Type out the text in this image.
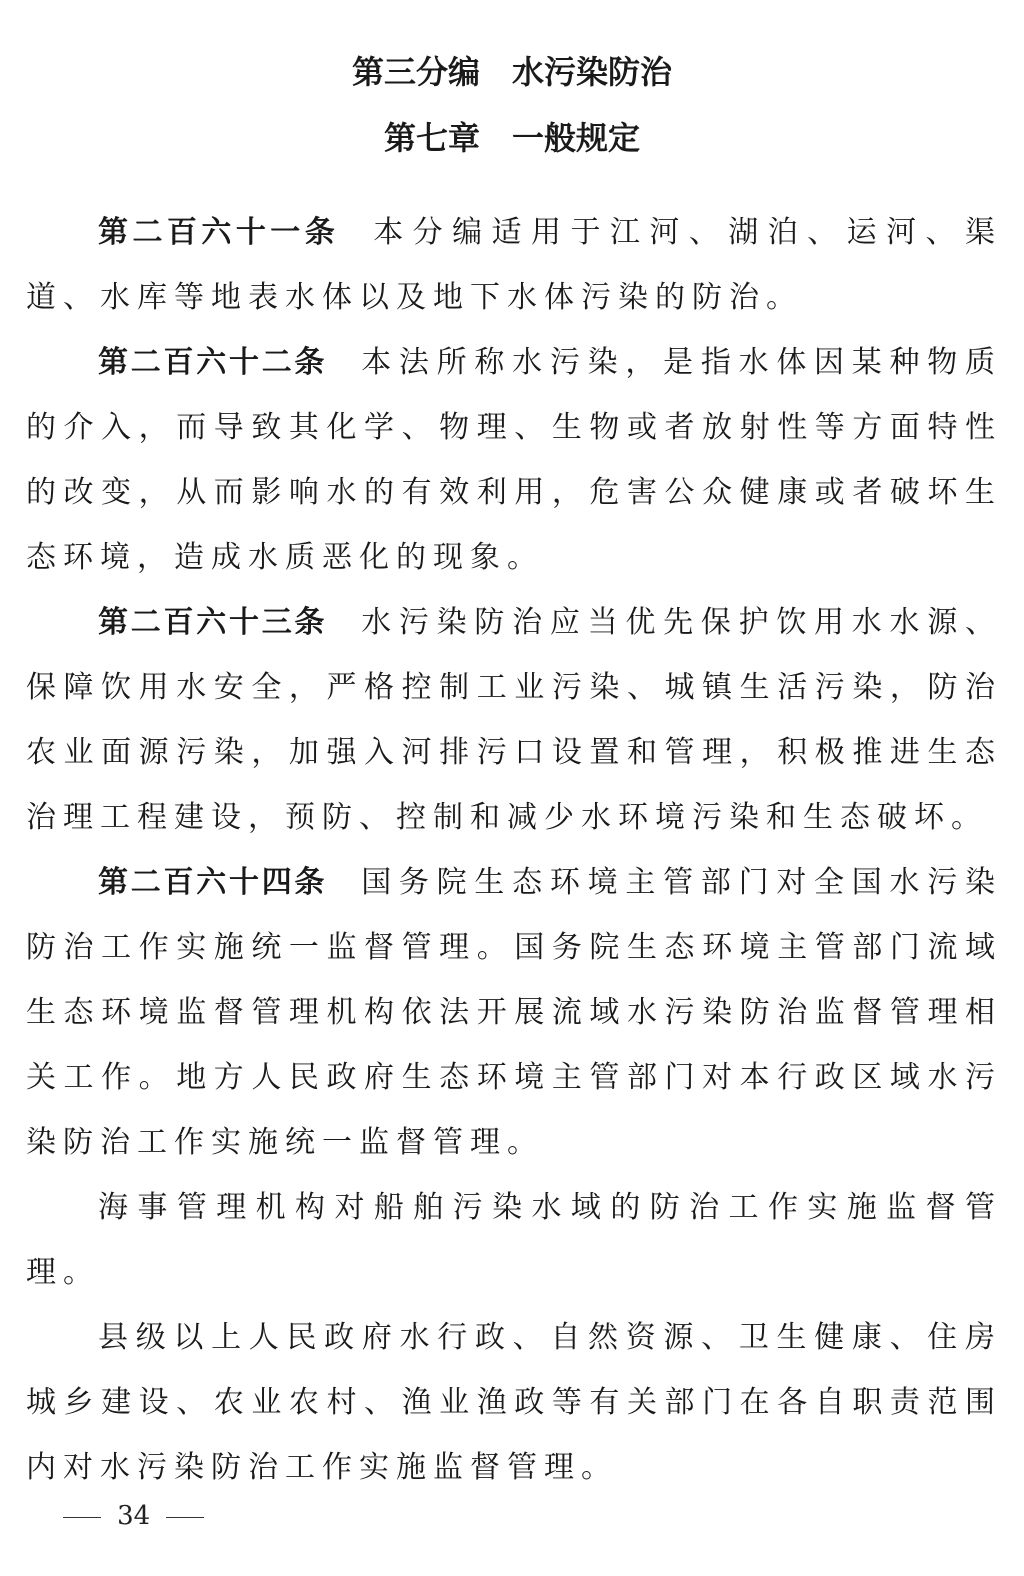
第三分编　水污染防治
第七章　一般规定

第二百六十一条 本分编适用于江河、湖泊、运河、渠道、水库等地表水体以及地下水体污染的防治。

第二百六十二条 本法所称水污染，是指水体因某种物质的介入，而导致其化学、物理、生物或者放射性等方面特性的改变，从而影响水的有效利用，危害公众健康或者破坏生态环境，造成水质恶化的现象。

第二百六十三条 水污染防治应当优先保护饮用水水源、保障饮用水安全，严格控制工业污染、城镇生活污染，防治农业面源污染，加强入河排污口设置和管理，积极推进生态治理工程建设，预防、控制和减少水环境污染和生态破坏。

第二百六十四条 国务院生态环境主管部门对全国水污染防治工作实施统一监督管理。国务院生态环境主管部门流域生态环境监督管理机构依法开展流域水污染防治监督管理相关工作。地方人民政府生态环境主管部门对本行政区域水污染防治工作实施统一监督管理。

海事管理机构对船舶污染水域的防治工作实施监督管理。

县级以上人民政府水行政、自然资源、卫生健康、住房城乡建设、农业农村、渔业渔政等有关部门在各自职责范围内对水污染防治工作实施监督管理。

34
